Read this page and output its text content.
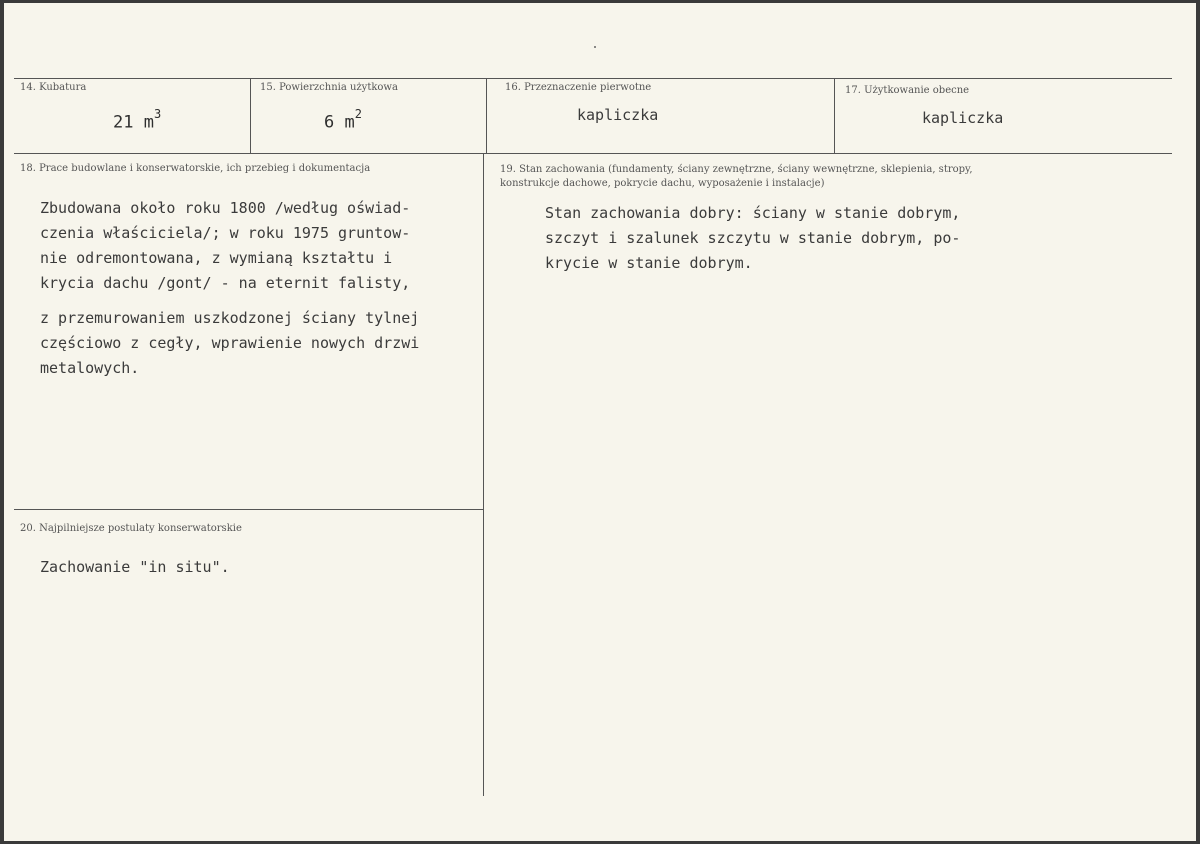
14. Kubatura
21 $m^3$
15. Powierzchnia użytkowa
6 $m^2$
16. Przeznaczenie pierwotne
kapliczka
17. Użytkowanie obecne
kapliczka
18. Prace budowlane i konserwatorskie, ich przebieg i dokumentacja
Zbudowana około roku 1800 /według oświad-
czenia właściciela/; w roku 1975 gruntow-
nie odremontowana, z wymianą kształtu i
krycia dachu /gont/ - na eternit falisty,
z przemurowaniem uszkodzonej ściany tylnej
częściowo z cegły, wprawienie nowych drzwi
metalowych.
19. Stan zachowania (fundamenty, ściany zewnętrzne, ściany wewnętrzne, sklepienia, stropy,
konstrukcje dachowe, pokrycie dachu, wyposażenie i instalacje)
Stan zachowania dobry: ściany w stanie dobrym,
szczyt i szalunek szczytu w stanie dobrym, po-
krycie w stanie dobrym.
20. Najpilniejsze postulaty konserwatorskie
Zachowanie "in situ".
